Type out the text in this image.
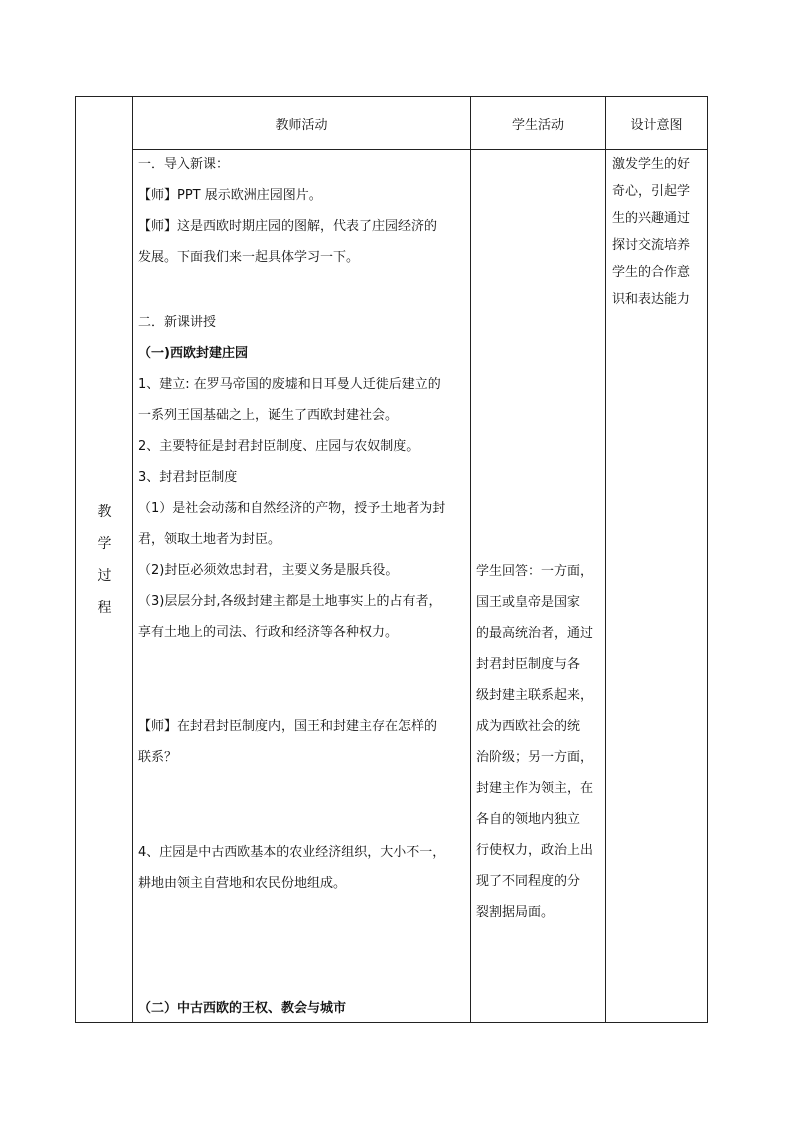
教师活动	学生活动	设计意图
教学过程
一．导入新课：
【师】PPT 展示欧洲庄园图片。
【师】这是西欧时期庄园的图解，代表了庄园经济的
发展。下面我们来一起具体学习一下。
二．新课讲授
（一)西欧封建庄园
1、建立: 在罗马帝国的废墟和日耳曼人迁徙后建立的
一系列王国基础之上，诞生了西欧封建社会。
2、主要特征是封君封臣制度、庄园与农奴制度。
3、封君封臣制度
（1）是社会动荡和自然经济的产物，授予土地者为封
君，领取土地者为封臣。
（2)封臣必须效忠封君，主要义务是服兵役。
（3)层层分封,各级封建主都是土地事实上的占有者，
享有土地上的司法、行政和经济等各种权力。
【师】在封君封臣制度内，国王和封建主存在怎样的
联系？
4、庄园是中古西欧基本的农业经济组织，大小不一，
耕地由领主自营地和农民份地组成。
（二）中古西欧的王权、教会与城市
学生回答：一方面，
国王或皇帝是国家
的最高统治者，通过
封君封臣制度与各
级封建主联系起来，
成为西欧社会的统
治阶级；另一方面，
封建主作为领主，在
各自的领地内独立
行使权力，政治上出
现了不同程度的分
裂割据局面。
激发学生的好
奇心，引起学
生的兴趣通过
探讨交流培养
学生的合作意
识和表达能力
